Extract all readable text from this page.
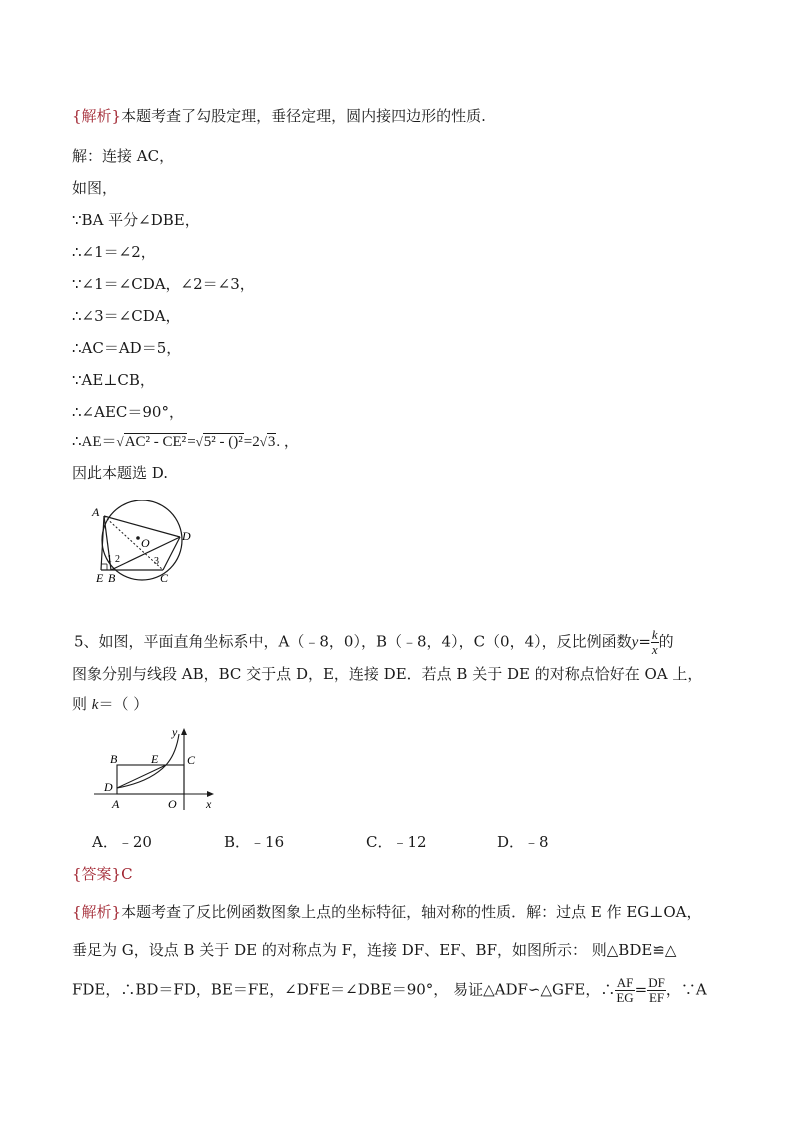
{解析}本题考查了勾股定理，垂径定理，圆内接四边形的性质.
解：连接 AC，
如图，
∵BA 平分∠DBE，
∴∠1＝∠2，
∵∠1＝∠CDA，∠2＝∠3，
∴∠3＝∠CDA，
∴AC＝AD＝5，
∵AE⊥CB，
∴∠AEC＝90°，
∴AE＝√AC² - CE²=√5² - ()²=2√3. ，
因此本题选 D.
A
D
O
E B	C
1 2	3
5、如图，平面直角坐标系中，A（﹣8，0），B（﹣8，4），C（0，4），反比例函数$y= \frac{k}{x}$ 的
图象分别与线段 AB，BC 交于点 D，E，连接 DE．若点 B 关于 DE 的对称点恰好在 OA 上，
则 k＝（ ）
y
x
B	E C
D
A	O
A．﹣20	B．﹣16	C．﹣12	D．﹣8
{答案}C
{解析}本题考查了反比例函数图象上点的坐标特征，轴对称的性质．解：过点 E 作 EG⊥OA，
垂足为 G，设点 B 关于 DE 的对称点为 F，连接 DF、EF、BF，如图所示： 则△BDE≌△
FDE，∴BD＝FD，BE＝FE，∠DFE＝∠DBE＝90°， 易证△ADF∽△GFE，∴ $\frac{AF}{EG} = \frac{DF}{EF}$ ，∵A
